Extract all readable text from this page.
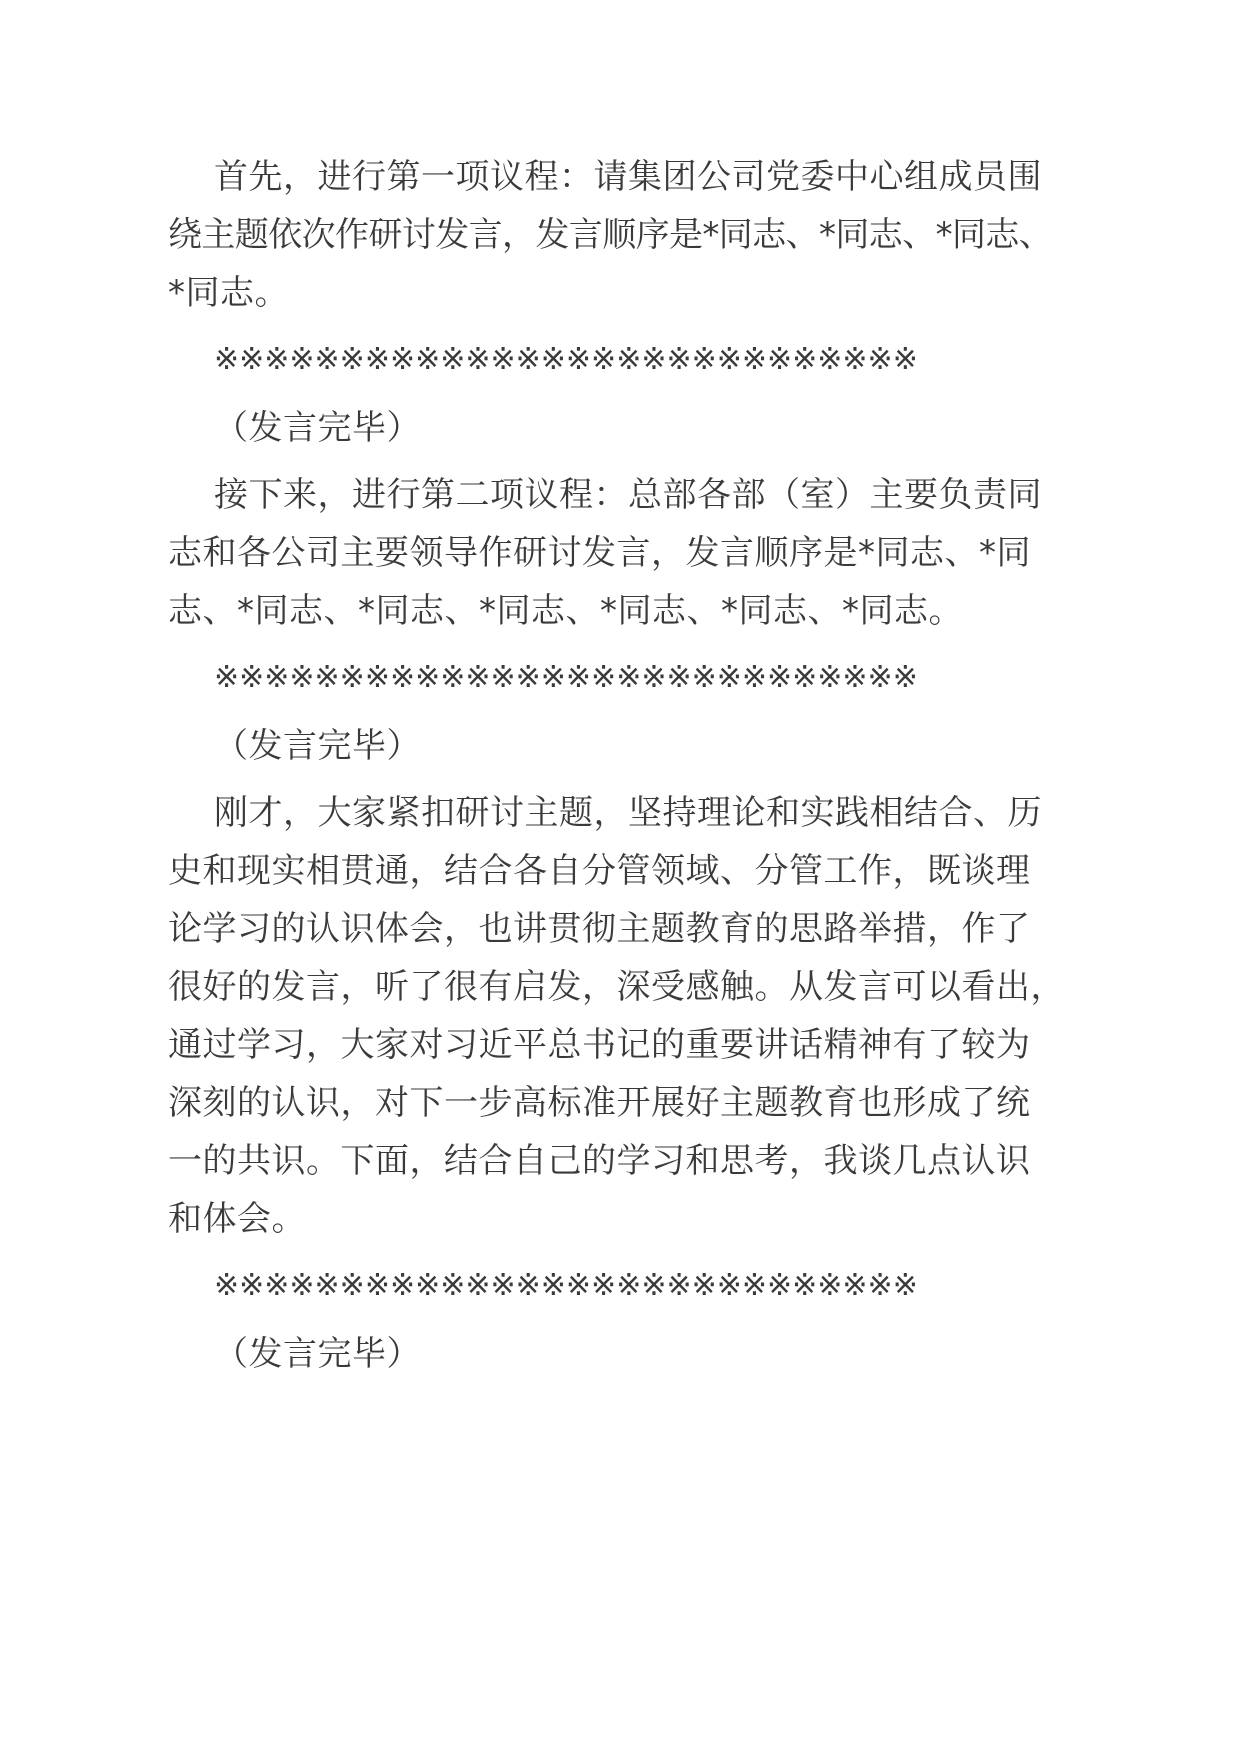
首先，进行第一项议程：请集团公司党委中心组成员围

绕主题依次作研讨发言，发言顺序是*同志、*同志、*同志、

*同志。

※※※※※※※※※※※※※※※※※※※※※※※※※※※※

（发言完毕）

接下来，进行第二项议程：总部各部（室）主要负责同

志和各公司主要领导作研讨发言，发言顺序是*同志、*同

志、*同志、*同志、*同志、*同志、*同志、*同志。

※※※※※※※※※※※※※※※※※※※※※※※※※※※※

（发言完毕）

刚才，大家紧扣研讨主题，坚持理论和实践相结合、历

史和现实相贯通，结合各自分管领域、分管工作，既谈理

论学习的认识体会，也讲贯彻主题教育的思路举措，作了

很好的发言，听了很有启发，深受感触。从发言可以看出，

通过学习，大家对习近平总书记的重要讲话精神有了较为

深刻的认识，对下一步高标准开展好主题教育也形成了统

一的共识。下面，结合自己的学习和思考，我谈几点认识

和体会。

※※※※※※※※※※※※※※※※※※※※※※※※※※※※

（发言完毕）
